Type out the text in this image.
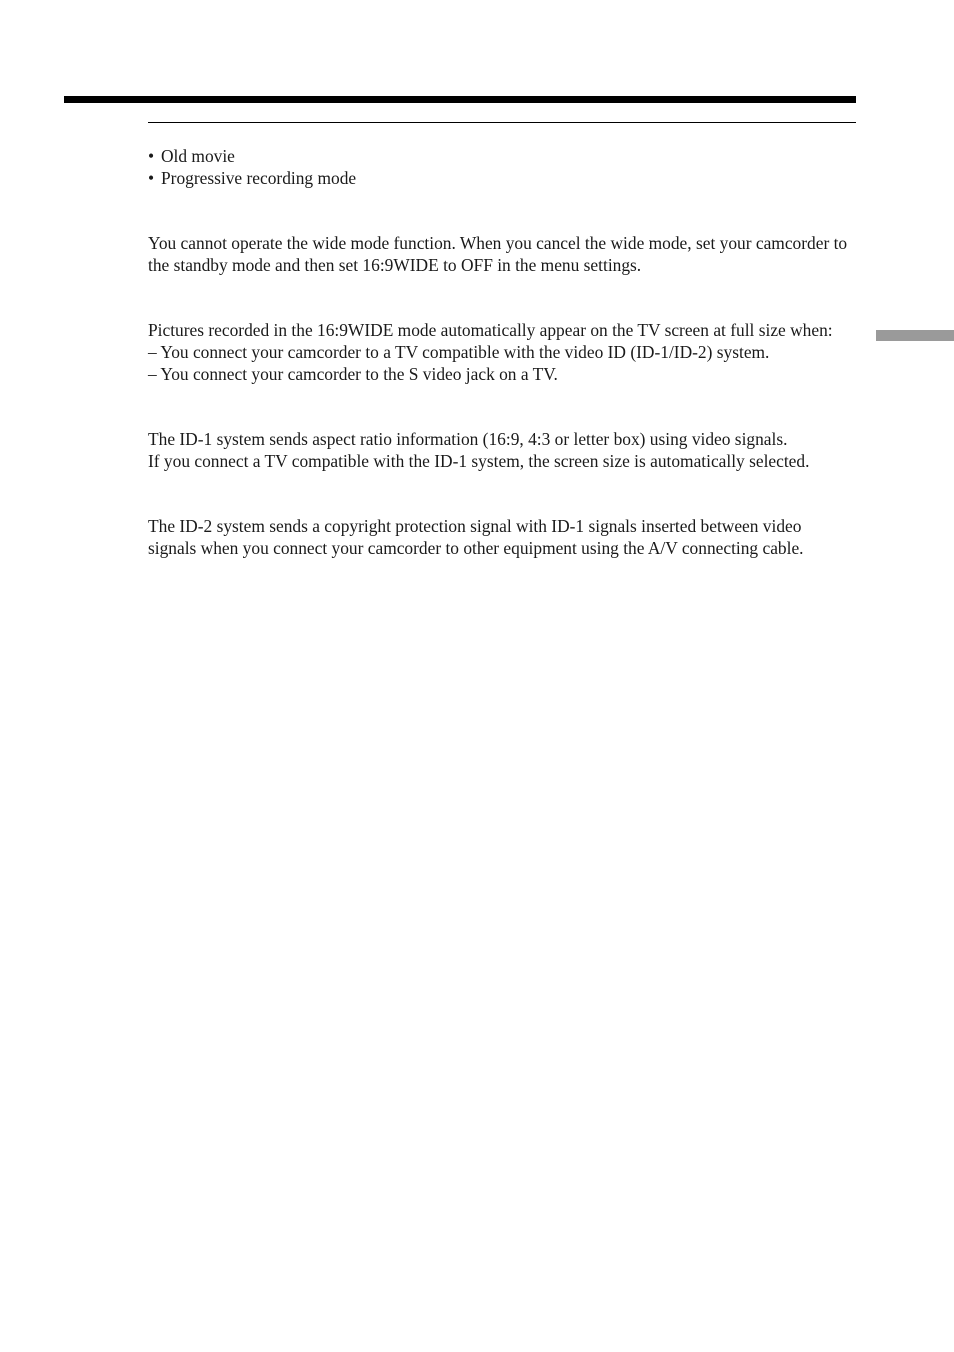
• Old movie
• Progressive recording mode

You cannot operate the wide mode function. When you cancel the wide mode, set your camcorder to the standby mode and then set 16:9WIDE to OFF in the menu settings.

Pictures recorded in the 16:9WIDE mode automatically appear on the TV screen at full size when:

– You connect your camcorder to a TV compatible with the video ID (ID-1/ID-2) system.

– You connect your camcorder to the S video jack on a TV.

The ID-1 system sends aspect ratio information (16:9, 4:3 or letter box) using video signals.

If you connect a TV compatible with the ID-1 system, the screen size is automatically selected.

The ID-2 system sends a copyright protection signal with ID-1 signals inserted between video signals when you connect your camcorder to other equipment using the A/V connecting cable.
